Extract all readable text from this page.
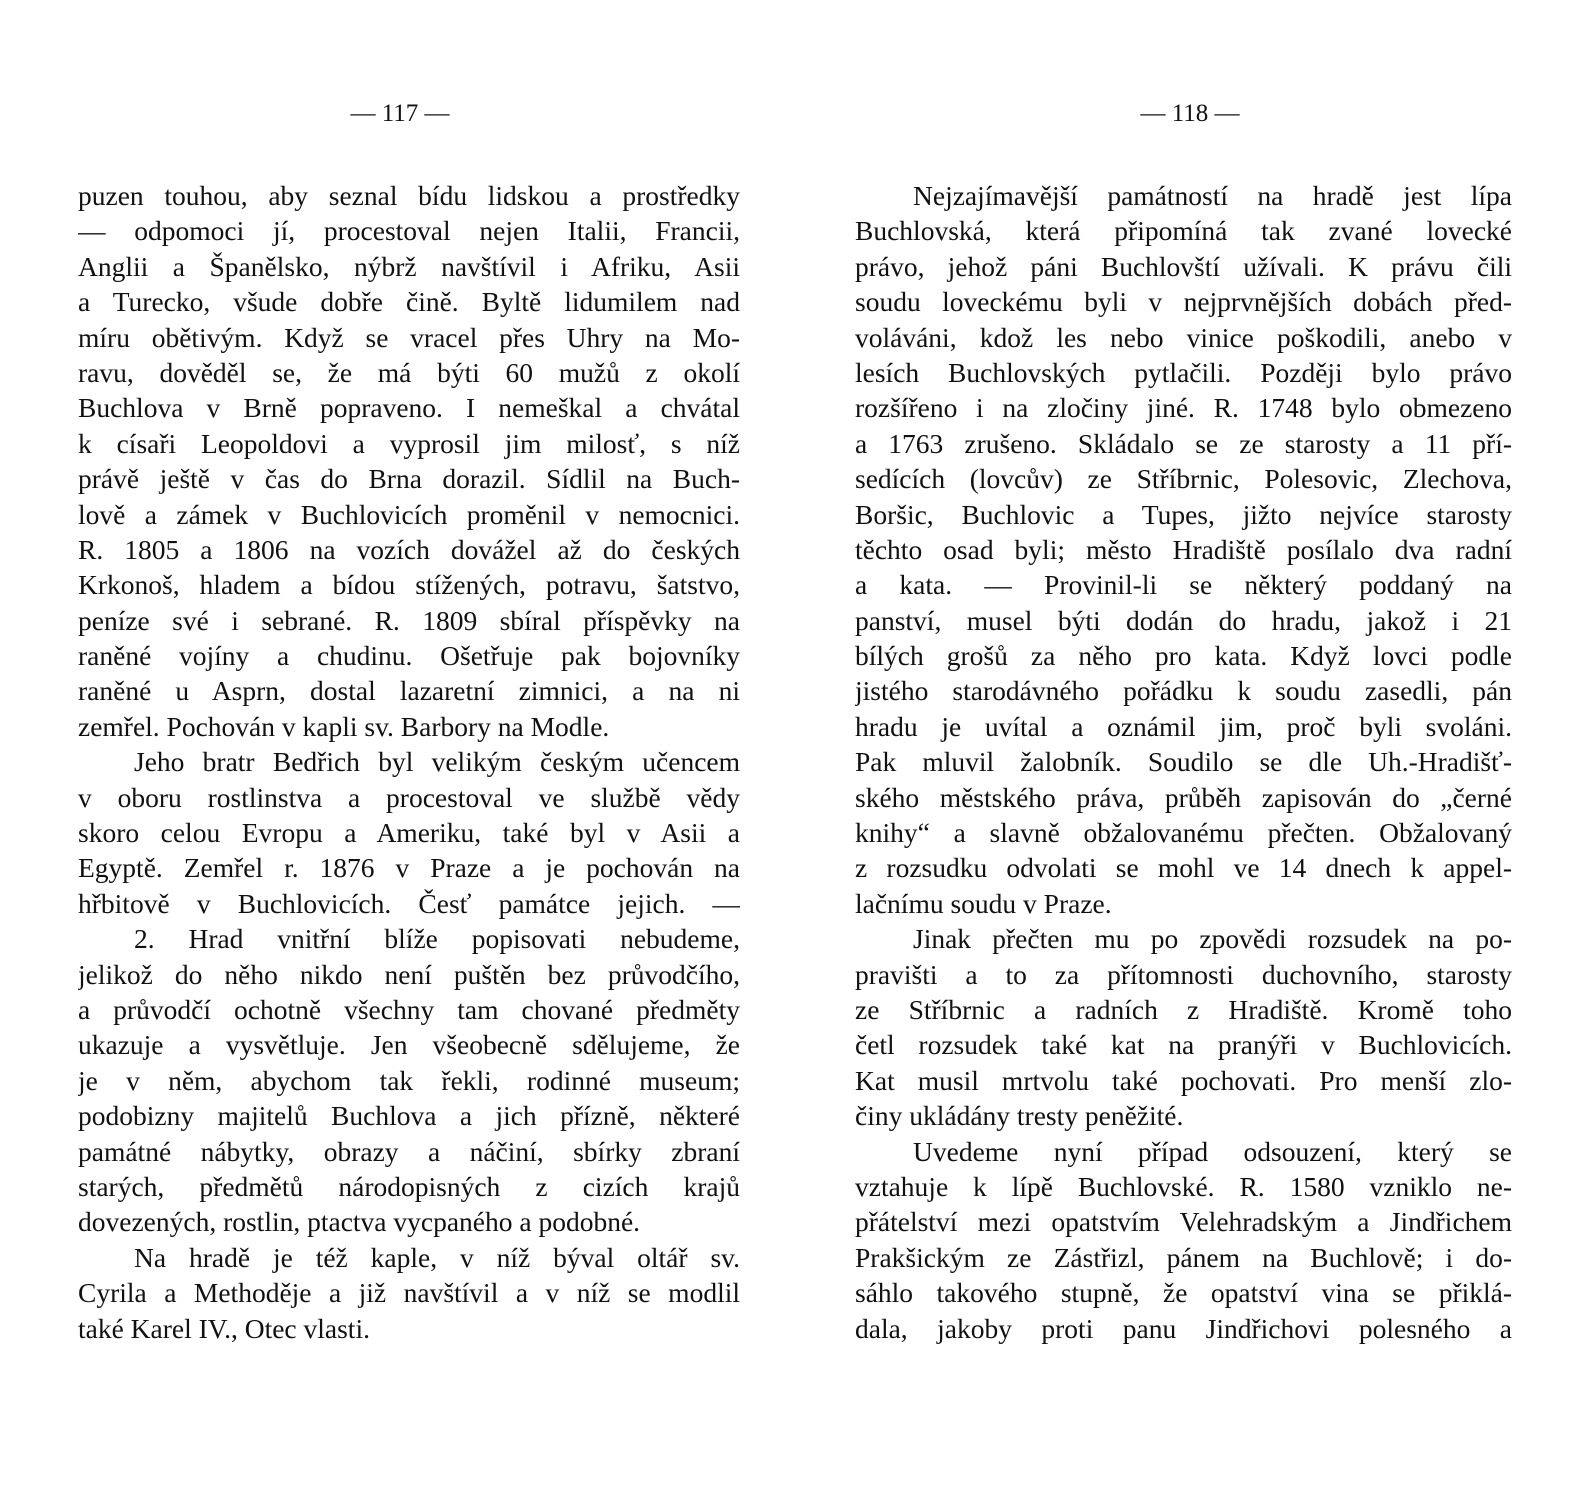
— 117 —
puzen touhou, aby seznal bídu lidskou a prostředky
— odpomoci jí, procestoval nejen Italii, Francii,
Anglii a Španělsko, nýbrž navštívil i Afriku, Asii
a Turecko, všude dobře čině. Byltě lidumilem nad
míru obětivým. Když se vracel přes Uhry na Mo-
ravu, dověděl se, že má býti 60 mužů z okolí
Buchlova v Brně popraveno. I nemeškal a chvátal
k císaři Leopoldovi a vyprosil jim milosť, s níž
právě ještě v čas do Brna dorazil. Sídlil na Buch-
lově a zámek v Buchlovicích proměnil v nemocnici.
R. 1805 a 1806 na vozích dovážel až do českých
Krkonoš, hladem a bídou stížených, potravu, šatstvo,
peníze své i sebrané. R. 1809 sbíral příspěvky na
raněné vojíny a chudinu. Ošetřuje pak bojovníky
raněné u Asprn, dostal lazaretní zimnici, a na ni
zemřel. Pochován v kapli sv. Barbory na Modle.
Jeho bratr Bedřich byl velikým českým učencem
v oboru rostlinstva a procestoval ve službě vědy
skoro celou Evropu a Ameriku, také byl v Asii a
Egyptě. Zemřel r. 1876 v Praze a je pochován na
hřbitově v Buchlovicích. Česť památce jejich. —
2. Hrad vnitřní blíže popisovati nebudeme,
jelikož do něho nikdo není puštěn bez průvodčího,
a průvodčí ochotně všechny tam chované předměty
ukazuje a vysvětluje. Jen všeobecně sdělujeme, že
je v něm, abychom tak řekli, rodinné museum;
podobizny majitelů Buchlova a jich přízně, některé
památné nábytky, obrazy a náčiní, sbírky zbraní
starých, předmětů národopisných z cizích krajů
dovezených, rostlin, ptactva vycpaného a podobné.
Na hradě je též kaple, v níž býval oltář sv.
Cyrila a Methoděje a již navštívil a v níž se modlil
také Karel IV., Otec vlasti.
— 118 —
Nejzajímavější památností na hradě jest lípa
Buchlovská, která připomíná tak zvané lovecké
právo, jehož páni Buchlovští užívali. K právu čili
soudu loveckému byli v nejprvnějších dobách před-
voláváni, kdož les nebo vinice poškodili, anebo v
lesích Buchlovských pytlačili. Později bylo právo
rozšířeno i na zločiny jiné. R. 1748 bylo obmezeno
a 1763 zrušeno. Skládalo se ze starosty a 11 pří-
sedících (lovcův) ze Stříbrnic, Polesovic, Zlechova,
Boršic, Buchlovic a Tupes, jižto nejvíce starosty
těchto osad byli; město Hradiště posílalo dva radní
a kata. — Provinil-li se některý poddaný na
panství, musel býti dodán do hradu, jakož i 21
bílých grošů za něho pro kata. Když lovci podle
jistého starodávného pořádku k soudu zasedli, pán
hradu je uvítal a oznámil jim, proč byli svoláni.
Pak mluvil žalobník. Soudilo se dle Uh.-Hradišť-
ského městského práva, průběh zapisován do „černé
knihy“ a slavně obžalovanému přečten. Obžalovaný
z rozsudku odvolati se mohl ve 14 dnech k appel-
lačnímu soudu v Praze.
Jinak přečten mu po zpovědi rozsudek na po-
pravišti a to za přítomnosti duchovního, starosty
ze Stříbrnic a radních z Hradiště. Kromě toho
četl rozsudek také kat na pranýři v Buchlovicích.
Kat musil mrtvolu také pochovati. Pro menší zlo-
činy ukládány tresty peněžité.
Uvedeme nyní případ odsouzení, který se
vztahuje k lípě Buchlovské. R. 1580 vzniklo ne-
přátelství mezi opatstvím Velehradským a Jindřichem
Prakšickým ze Zástřizl, pánem na Buchlově; i do-
sáhlo takového stupně, že opatství vina se přiklá-
dala, jakoby proti panu Jindřichovi polesného a
